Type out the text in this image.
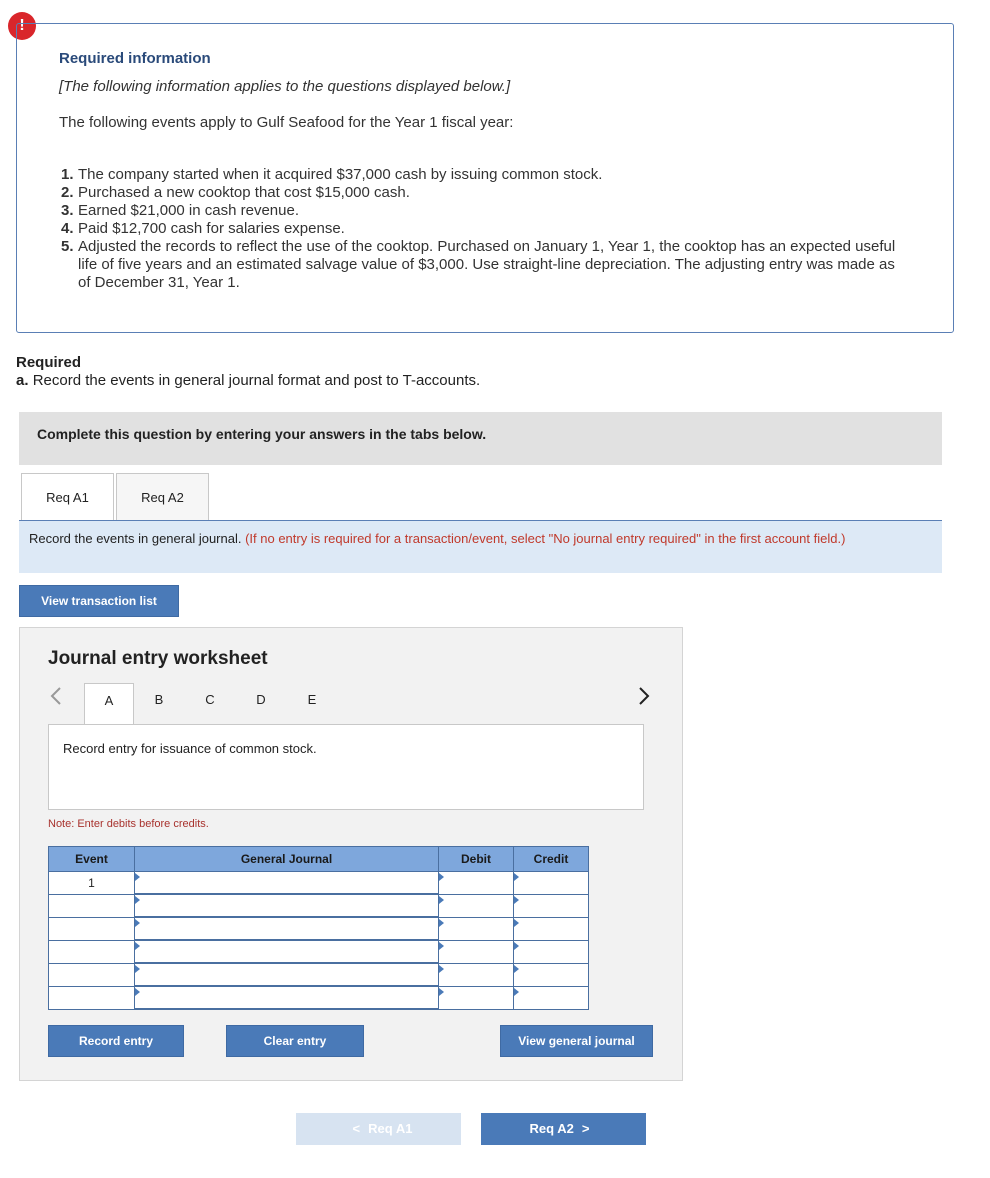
!
Required information
[The following information applies to the questions displayed below.]
The following events apply to Gulf Seafood for the Year 1 fiscal year:
1. The company started when it acquired $37,000 cash by issuing common stock.
2. Purchased a new cooktop that cost $15,000 cash.
3. Earned $21,000 in cash revenue.
4. Paid $12,700 cash for salaries expense.
5. Adjusted the records to reflect the use of the cooktop. Purchased on January 1, Year 1, the cooktop has an expected useful life of five years and an estimated salvage value of $3,000. Use straight-line depreciation. The adjusting entry was made as of December 31, Year 1.
Required
a. Record the events in general journal format and post to T-accounts.
Complete this question by entering your answers in the tabs below.
Req A1	Req A2
Record the events in general journal. (If no entry is required for a transaction/event, select "No journal entry required" in the first account field.)
View transaction list
Journal entry worksheet
A	B	C	D	E
Record entry for issuance of common stock.
Note: Enter debits before credits.
Event	General Journal	Debit	Credit
1			

Record entry	Clear entry	View general journal
< Req A1	Req A2 >
